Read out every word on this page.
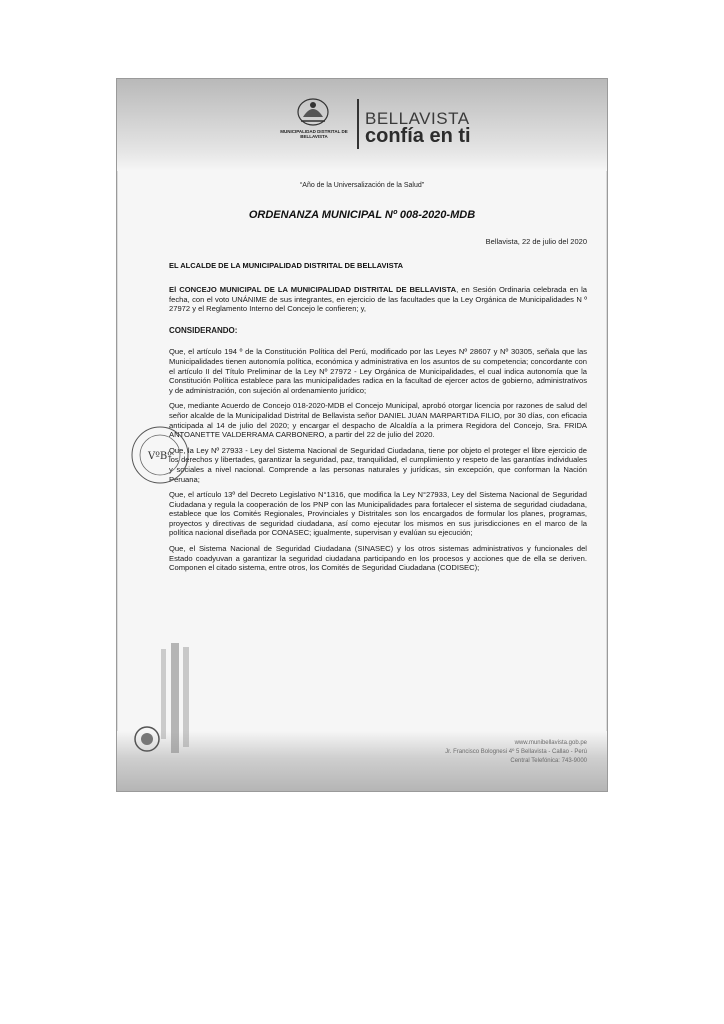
MUNICIPALIDAD DISTRITAL DE BELLAVISTA
BELLAVISTA
confía en ti
“Año de la Universalización de la Salud”
ORDENANZA MUNICIPAL Nº 008-2020-MDB
Bellavista, 22 de julio del 2020
EL ALCALDE DE LA MUNICIPALIDAD DISTRITAL DE BELLAVISTA

El CONCEJO MUNICIPAL DE LA MUNICIPALIDAD DISTRITAL DE BELLAVISTA, en Sesión Ordinaria celebrada en la fecha, con el voto UNÁNIME de sus integrantes, en ejercicio de las facultades que la Ley Orgánica de Municipalidades N º 27972 y el Reglamento Interno del Concejo le confieren; y,

CONSIDERANDO:

Que, el artículo 194 º de la Constitución Política del Perú, modificado por las Leyes Nº 28607 y Nº 30305, señala que las Municipalidades tienen autonomía política, económica y administrativa en los asuntos de su competencia; concordante con el artículo II del Título Preliminar de la Ley Nº 27972 - Ley Orgánica de Municipalidades, el cual indica autonomía que la Constitución Política establece para las municipalidades radica en la facultad de ejercer actos de gobierno, administrativos y de administración, con sujeción al ordenamiento jurídico;

Que, mediante Acuerdo de Concejo 018-2020-MDB el Concejo Municipal, aprobó otorgar licencia por razones de salud del señor alcalde de la Municipalidad Distrital de Bellavista señor DANIEL JUAN MARPARTIDA FILIO, por 30 días, con eficacia anticipada al 14 de julio del 2020; y encargar el despacho de Alcaldía a la primera Regidora del Concejo, Sra. FRIDA ANTOANETTE VALDERRAMA CARBONERO, a partir del 22 de julio del 2020.

Que, la Ley Nº 27933 - Ley del Sistema Nacional de Seguridad Ciudadana, tiene por objeto el proteger el libre ejercicio de los derechos y libertades, garantizar la seguridad, paz, tranquilidad, el cumplimiento y respeto de las garantías individuales y sociales a nivel nacional. Comprende a las personas naturales y jurídicas, sin excepción, que conforman la Nación Peruana;

Que, el artículo 13º del Decreto Legislativo N°1316, que modifica la Ley N°27933, Ley del Sistema Nacional de Seguridad Ciudadana y regula la cooperación de los PNP con las Municipalidades para fortalecer el sistema de seguridad ciudadana, establece que los Comités Regionales, Provinciales y Distritales son los encargados de formular los planes, programas, proyectos y directivas de seguridad ciudadana, así como ejecutar los mismos en sus jurisdicciones en el marco de la política nacional diseñada por CONASEC; igualmente, supervisan y evalúan su ejecución;

Que, el Sistema Nacional de Seguridad Ciudadana (SINASEC) y los otros sistemas administrativos y funcionales del Estado coadyuvan a garantizar la seguridad ciudadana participando en los procesos y acciones que de ella se deriven. Componen el citado sistema, entre otros, los Comités de Seguridad Ciudadana (CODISEC);

VºBº
www.munibellavista.gob.pe
Jr. Francisco Bolognesi 4º 5 Bellavista - Callao - Perú
Central Telefónica: 743-9000
